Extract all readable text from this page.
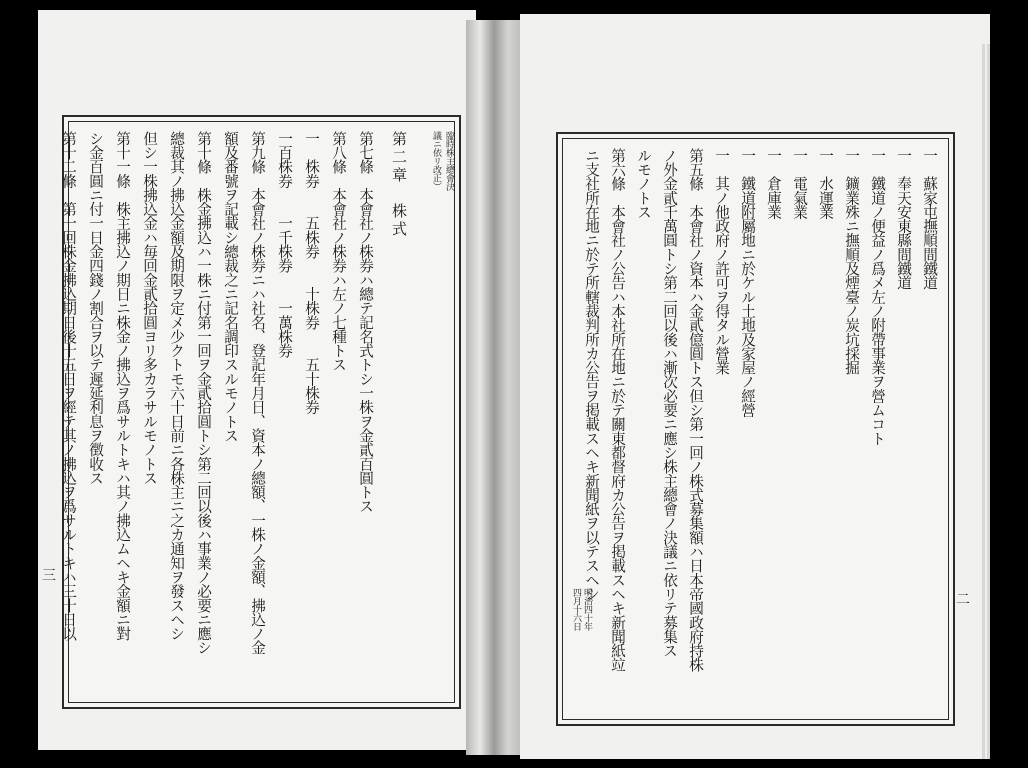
三
臨時株主總會決
議ニ依リ改正）
第二章　株式
第七條　本會社ノ株券ハ總テ記名式トシ一株ヲ金貳百圓トス
第八條　本會社ノ株券ハ左ノ七種トス
一　株券　　五株券　　十株券　　五十株券
一百株券　　一千株券　　一萬株券
第九條　本會社ノ株券ニハ社名、登記年月日、資本ノ總額、一株ノ金額、拂込ノ金
額及番號ヲ記載シ總裁之ニ記名調印スルモノトス
第十條　株金拂込ハ一株ニ付第一回ヲ金貳拾圓トシ第二回以後ハ事業ノ必要ニ應シ
總裁其ノ拂込金額及期限ヲ定メ少クトモ六十日前ニ各株主ニ之カ通知ヲ發スヘシ
但シ一株拂込金ハ毎回金貳拾圓ヨリ多カラサルモノトス
第十一條　株主拂込ノ期日ニ株金ノ拂込ヲ爲サルトキハ其ノ拂込ムヘキ金額ニ對
シ金百圓ニ付一日金四錢ノ割合ヲ以テ遲延利息ヲ徴收ス
第十二條　第一回株金拂込期日後十五日ヲ經テ其ノ拂込ヲ爲サルトキハ三十日以	二
一　蘇家屯撫順間鐵道
一　奉天安東縣間鐵道
一　鐵道ノ便益ノ爲メ左ノ附帶事業ヲ營ムコト
一　鑛業殊ニ撫順及煙臺ノ炭坑採掘
一　水運業
一　電氣業
一　倉庫業
一　鐵道附屬地ニ於ケル土地及家屋ノ經營
一　其ノ他政府ノ許可ヲ得タル營業
第五條　本會社ノ資本ハ金貳億圓トス但シ第一回ノ株式募集額ハ日本帝國政府持株
ノ外金貳千萬圓トシ第二回以後ハ漸次必要ニ應シ株主總會ノ決議ニ依リテ募集ス
ルモノトス
第六條　本會社ノ公告ハ本社所在地ニ於テ關東都督府カ公告ヲ掲載スヘキ新聞紙竝
ニ支社所在地ニ於テ所轄裁判所カ公告ヲ掲載スヘキ新聞紙ヲ以テスヘシ
明治四十年
四月十六日
